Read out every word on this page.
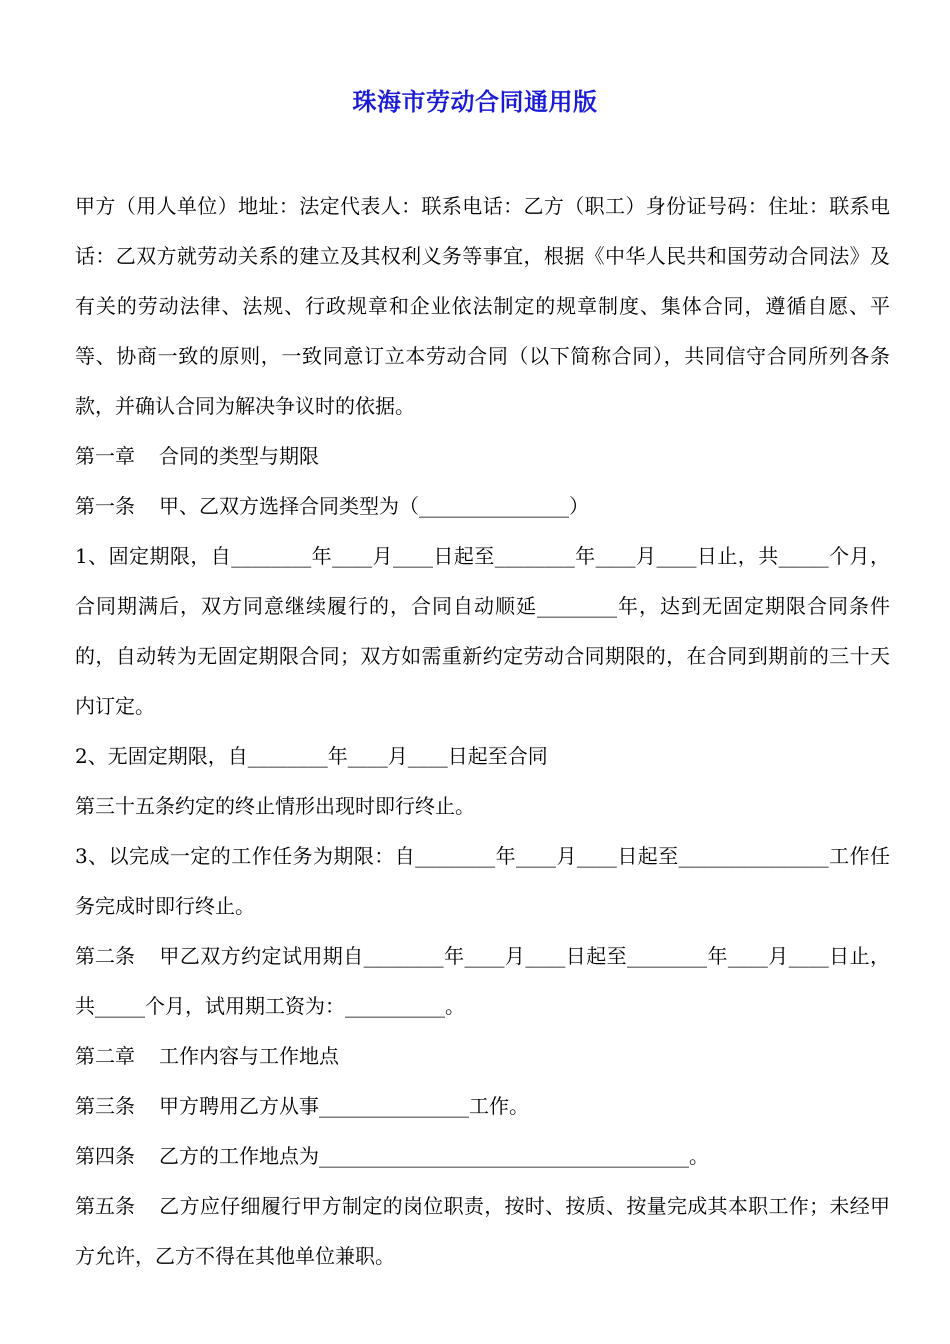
珠海市劳动合同通用版

甲方（用人单位）地址：法定代表人：联系电话：乙方（职工）身份证号码：住址：联系电话：乙双方就劳动关系的建立及其权利义务等事宜，根据《中华人民共和国劳动合同法》及有关的劳动法律、法规、行政规章和企业依法制定的规章制度、集体合同，遵循自愿、平等、协商一致的原则，一致同意订立本劳动合同（以下简称合同），共同信守合同所列各条款，并确认合同为解决争议时的依据。

第一章 合同的类型与期限

第一条 甲、乙双方选择合同类型为（_______________）

1、固定期限，自________年____月____日起至________年____月____日止，共_____个月，合同期满后，双方同意继续履行的，合同自动顺延________年，达到无固定期限合同条件的，自动转为无固定期限合同；双方如需重新约定劳动合同期限的，在合同到期前的三十天内订定。

2、无固定期限，自________年____月____日起至合同

第三十五条约定的终止情形出现时即行终止。

3、以完成一定的工作任务为期限：自________年____月____日起至_______________工作任务完成时即行终止。

第二条 甲乙双方约定试用期自________年____月____日起至________年____月____日止，共_____个月，试用期工资为：__________。

第二章 工作内容与工作地点

第三条 甲方聘用乙方从事_______________工作。

第四条 乙方的工作地点为_____________________________________。

第五条 乙方应仔细履行甲方制定的岗位职责，按时、按质、按量完成其本职工作；未经甲方允许，乙方不得在其他单位兼职。
